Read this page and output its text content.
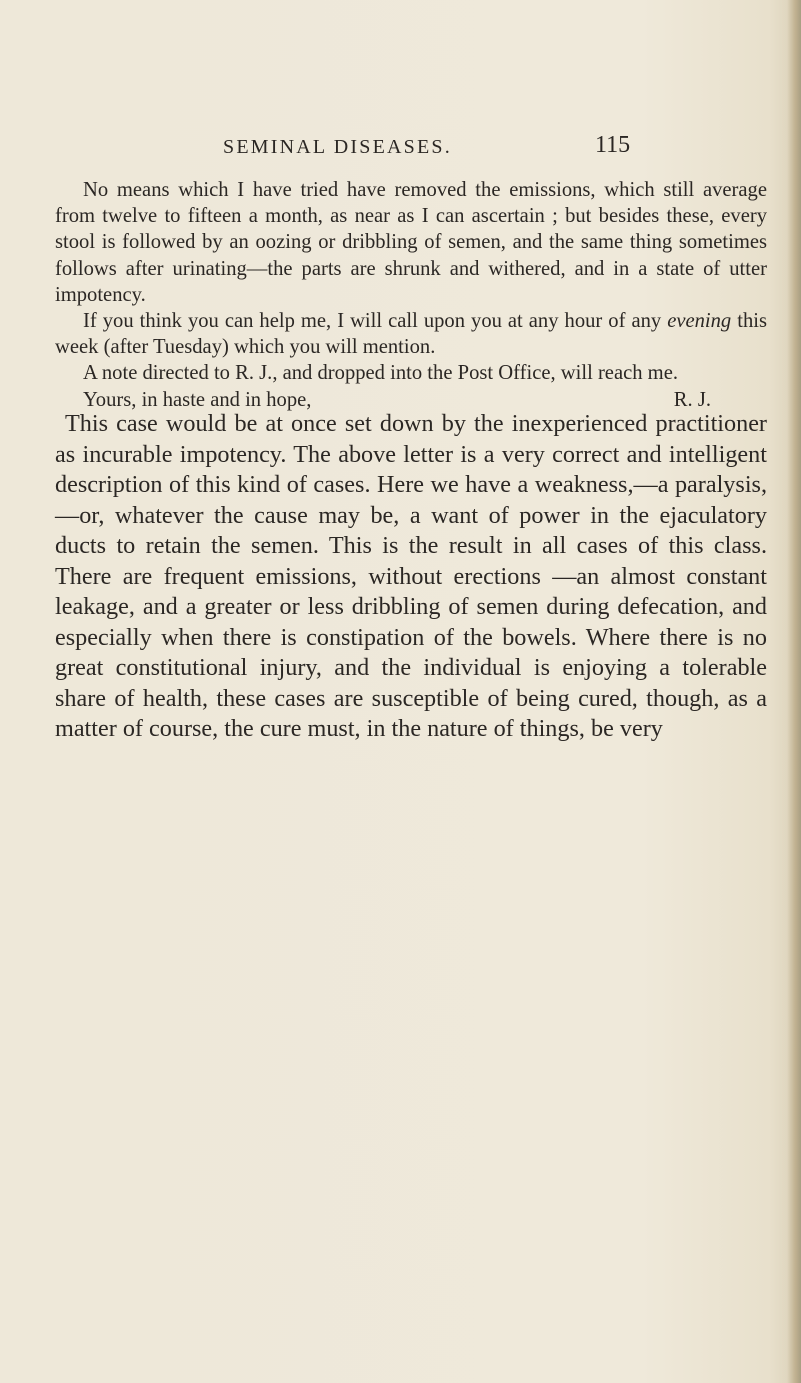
SEMINAL DISEASES.	115

No means which I have tried have removed the emissions, which still average from twelve to fifteen a month, as near as I can ascertain ; but besides these, every stool is followed by an oozing or dribbling of semen, and the same thing sometimes follows after urinating—the parts are shrunk and withered, and in a state of utter impotency.

If you think you can help me, I will call upon you at any hour of any evening this week (after Tuesday) which you will mention.

A note directed to R. J., and dropped into the Post Office, will reach me.

Yours, in haste and in hope,	R. J.

This case would be at once set down by the inexperienced practitioner as incurable impotency. The above letter is a very correct and intelligent description of this kind of cases. Here we have a weakness,—a paralysis,—or, whatever the cause may be, a want of power in the ejaculatory ducts to retain the semen. This is the result in all cases of this class. There are frequent emissions, without erections —an almost constant leakage, and a greater or less dribbling of semen during defecation, and especially when there is constipation of the bowels. Where there is no great constitutional injury, and the individual is enjoying a tolerable share of health, these cases are susceptible of being cured, though, as a matter of course, the cure must, in the nature of things, be very
